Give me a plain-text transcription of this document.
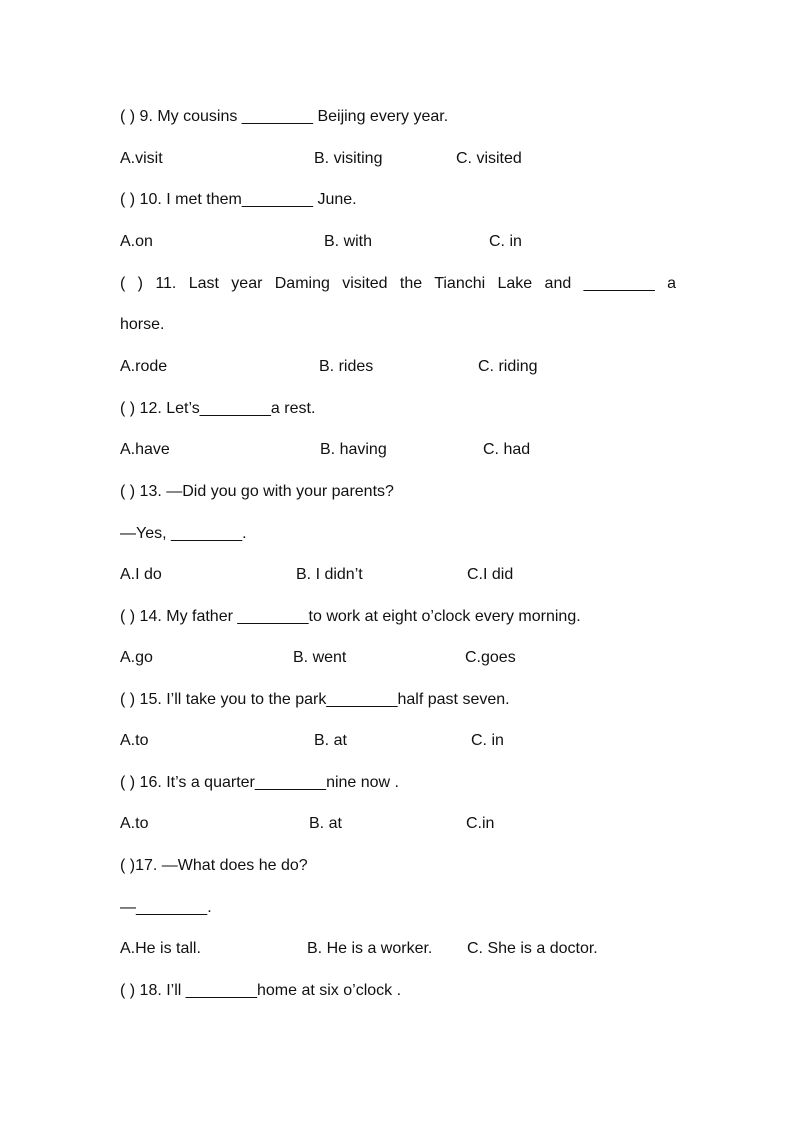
( ) 9. My cousins ________ Beijing every year.
A.visit	B. visiting	C. visited
( ) 10. I met them________ June.
A.on	B. with	C. in
( ) 11. Last year Daming visited the Tianchi Lake and ________ a
horse.
A.rode	B. rides	C. riding
( ) 12. Let’s________a rest.
A.have	B. having	C. had
( ) 13. —Did you go with your parents?
—Yes, ________.
A.I do	B. I didn’t	C.I did
( ) 14. My father ________to work at eight o’clock every morning.
A.go	B. went	C.goes
( ) 15. I’ll take you to the park________half past seven.
A.to	B. at	C. in
( ) 16. It’s a quarter________nine now .
A.to	B. at	C.in
( )17. —What does he do?
—________.
A.He is tall.	B. He is a worker. C. She is a doctor.
( ) 18. I’ll ________home at six o’clock .
